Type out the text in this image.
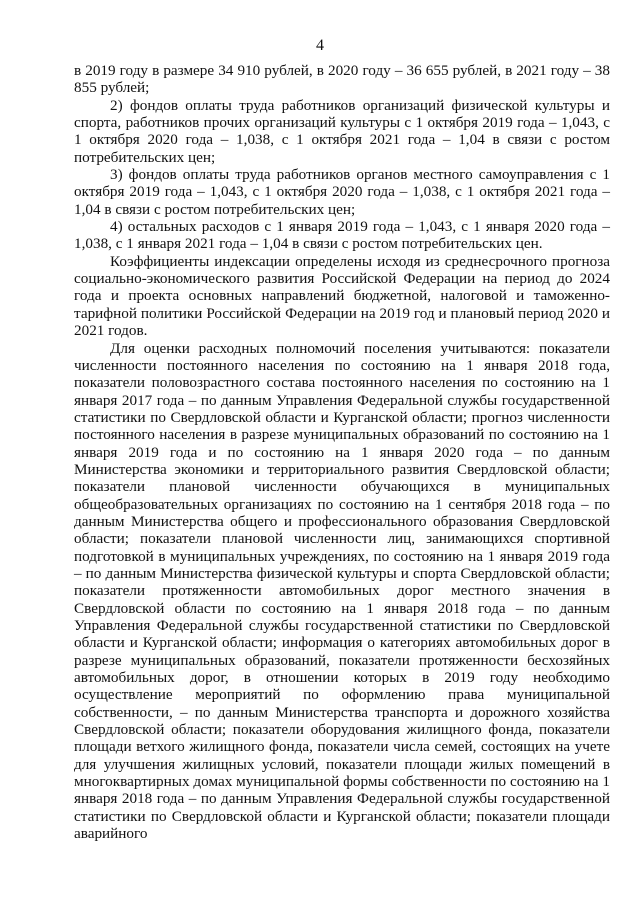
4

в 2019 году в размере 34 910 рублей, в 2020 году – 36 655 рублей, в 2021 году – 38 855 рублей;

2) фондов оплаты труда работников организаций физической культуры и спорта, работников прочих организаций культуры с 1 октября 2019 года – 1,043, с 1 октября 2020 года – 1,038, с 1 октября 2021 года – 1,04 в связи с ростом потребительских цен;

3) фондов оплаты труда работников органов местного самоуправления с 1 октября 2019 года – 1,043, с 1 октября 2020 года – 1,038, с 1 октября 2021 года – 1,04 в связи с ростом потребительских цен;

4) остальных расходов с 1 января 2019 года – 1,043, с 1 января 2020 года – 1,038, с 1 января 2021 года – 1,04 в связи с ростом потребительских цен.

Коэффициенты индексации определены исходя из среднесрочного прогноза социально-экономического развития Российской Федерации на период до 2024 года и проекта основных направлений бюджетной, налоговой и таможенно-тарифной политики Российской Федерации на 2019 год и плановый период 2020 и 2021 годов.

Для оценки расходных полномочий поселения учитываются: показатели численности постоянного населения по состоянию на 1 января 2018 года, показатели половозрастного состава постоянного населения по состоянию на 1 января 2017 года – по данным Управления Федеральной службы государственной статистики по Свердловской области и Курганской области; прогноз численности постоянного населения в разрезе муниципальных образований по состоянию на 1 января 2019 года и по состоянию на 1 января 2020 года – по данным Министерства экономики и территориального развития Свердловской области; показатели плановой численности обучающихся в муниципальных общеобразовательных организациях по состоянию на 1 сентября 2018 года – по данным Министерства общего и профессионального образования Свердловской области; показатели плановой численности лиц, занимающихся спортивной подготовкой в муниципальных учреждениях, по состоянию на 1 января 2019 года – по данным Министерства физической культуры и спорта Свердловской области; показатели протяженности автомобильных дорог местного значения в Свердловской области по состоянию на 1 января 2018 года – по данным Управления Федеральной службы государственной статистики по Свердловской области и Курганской области; информация о категориях автомобильных дорог в разрезе муниципальных образований, показатели протяженности бесхозяйных автомобильных дорог, в отношении которых в 2019 году необходимо осуществление мероприятий по оформлению права муниципальной собственности, – по данным Министерства транспорта и дорожного хозяйства Свердловской области; показатели оборудования жилищного фонда, показатели площади ветхого жилищного фонда, показатели числа семей, состоящих на учете для улучшения жилищных условий, показатели площади жилых помещений в многоквартирных домах муниципальной формы собственности по состоянию на 1 января 2018 года – по данным Управления Федеральной службы государственной статистики по Свердловской области и Курганской области; показатели площади аварийного
